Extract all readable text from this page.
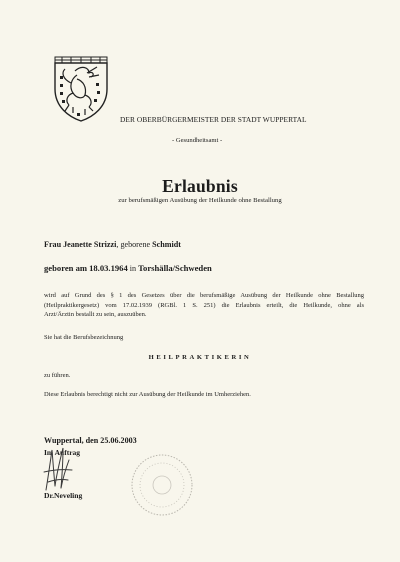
DER OBERBÜRGERMEISTER DER STADT WUPPERTAL
- Gesundheitsamt -
Erlaubnis
zur berufsmäßigen Ausübung der Heilkunde ohne Bestallung
Frau Jeanette Strizzi, geborene Schmidt
geboren am 18.03.1964 in Torshälla/Schweden
wird auf Grund des § 1 des Gesetzes über die berufsmäßige Ausübung der Heilkunde ohne Bestallung
(Heilpraktikergesetz) vom 17.02.1939 (RGBl. 1 S. 251) die Erlaubnis erteilt, die Heilkunde, ohne als
Arzt/Ärztin bestallt zu sein, auszuüben.
Sie hat die Berufsbezeichnung
HEILPRAKTIKERIN
zu führen.
Diese Erlaubnis berechtigt nicht zur Ausübung der Heilkunde im Umherziehen.
Wuppertal, den 25.06.2003
Im Auftrag
Dr.Neveling
